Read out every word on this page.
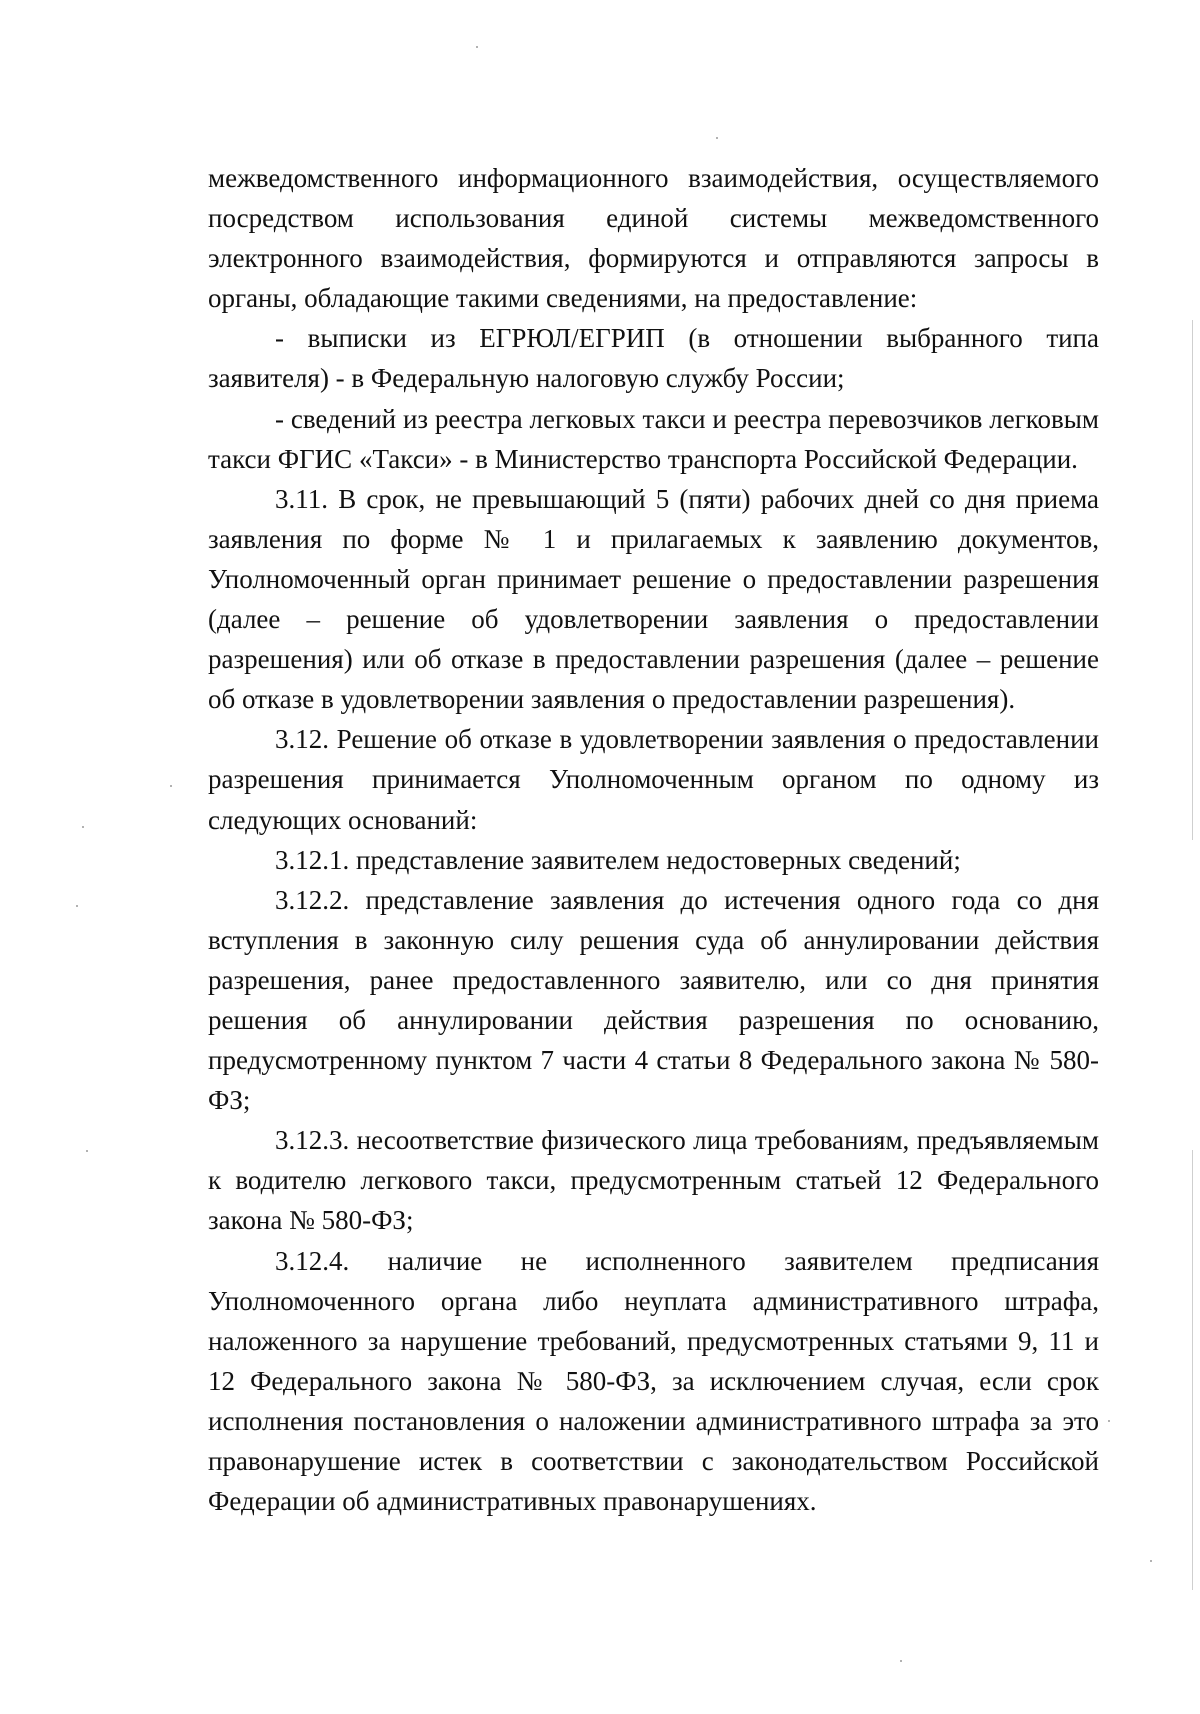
межведомственного информационного взаимодействия, осуществляемого посредством использования единой системы межведомственного электронного взаимодействия, формируются и отправляются запросы в органы, обладающие такими сведениями, на предоставление:

- выписки из ЕГРЮЛ/ЕГРИП (в отношении выбранного типа заявителя) - в Федеральную налоговую службу России;

- сведений из реестра легковых такси и реестра перевозчиков легковым такси ФГИС «Такси» - в Министерство транспорта Российской Федерации.

3.11. В срок, не превышающий 5 (пяти) рабочих дней со дня приема заявления по форме № 1 и прилагаемых к заявлению документов, Уполномоченный орган принимает решение о предоставлении разрешения (далее – решение об удовлетворении заявления о предоставлении разрешения) или об отказе в предоставлении разрешения (далее – решение об отказе в удовлетворении заявления о предоставлении разрешения).

3.12. Решение об отказе в удовлетворении заявления о предоставлении разрешения принимается Уполномоченным органом по одному из следующих оснований:

3.12.1. представление заявителем недостоверных сведений;

3.12.2. представление заявления до истечения одного года со дня вступления в законную силу решения суда об аннулировании действия разрешения, ранее предоставленного заявителю, или со дня принятия решения об аннулировании действия разрешения по основанию, предусмотренному пунктом 7 части 4 статьи 8 Федерального закона № 580-ФЗ;

3.12.3. несоответствие физического лица требованиям, предъявляемым к водителю легкового такси, предусмотренным статьей 12 Федерального закона № 580-ФЗ;

3.12.4. наличие не исполненного заявителем предписания Уполномоченного органа либо неуплата административного штрафа, наложенного за нарушение требований, предусмотренных статьями 9, 11 и 12 Федерального закона № 580-ФЗ, за исключением случая, если срок исполнения постановления о наложении административного штрафа за это правонарушение истек в соответствии с законодательством Российской Федерации об административных правонарушениях.
